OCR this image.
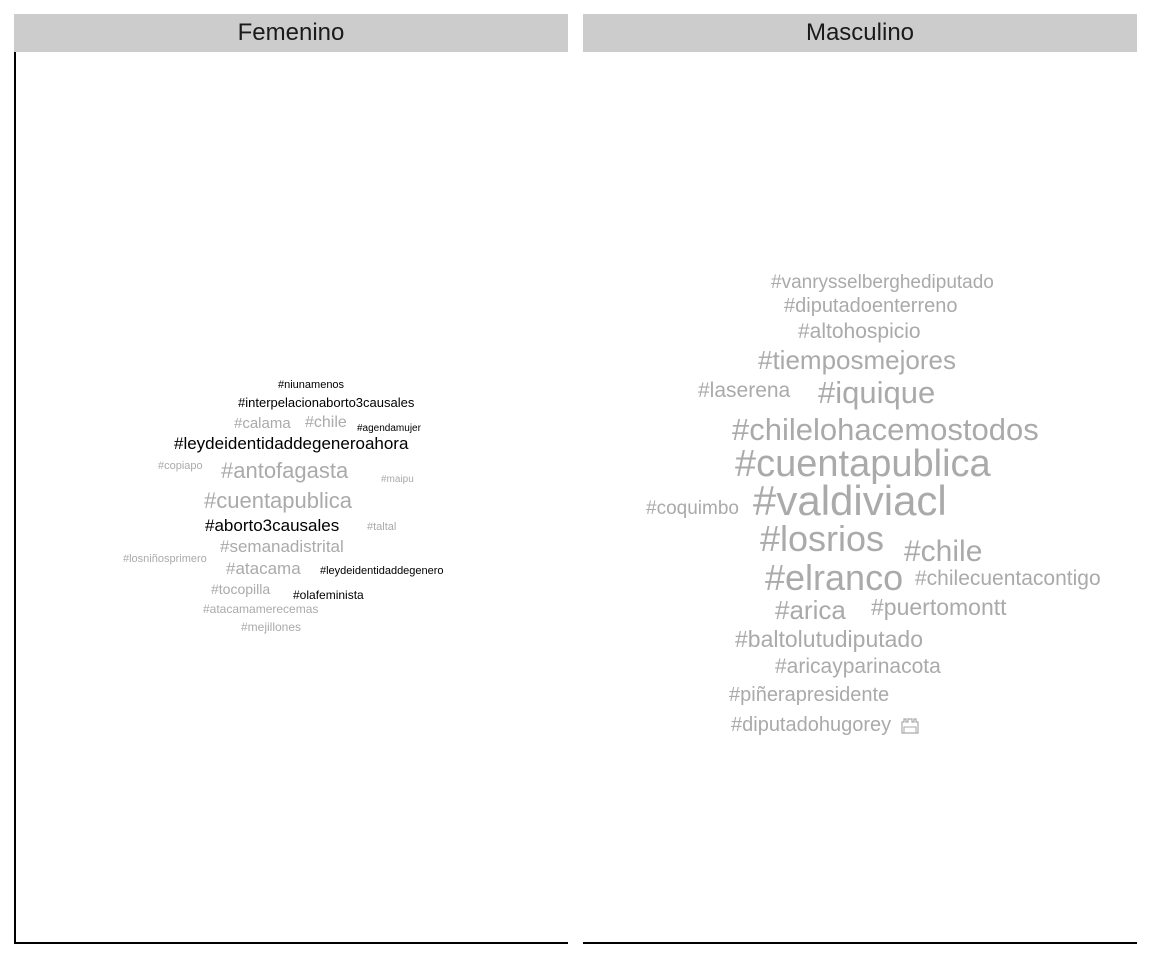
Femenino	Masculino
#niunamenos
#interpelacionaborto3causales
#calama #chile #agendamujer
#leydeidentidaddegeneroahora
#copiapo #antofagasta	#maipu
#cuentapublica
#aborto3causales	#taltal
#semanadistrital
#losniñosprimero #atacama #leydeidentidaddegenero
#tocopilla #olafeminista
#atacamamerecemas
#mejillones
#vanrysselberghediputado
#diputadoenterreno
#altohospicio
#tiemposmejores
#laserena #iquique
#chilelohacemostodos
#cuentapublica
#coquimbo #valdiviacl
#losrios #chile
#elranco #chilecuentacontigo
#arica #puertomontt
#baltolutudiputado
#aricayparinacota
#piñerapresidente
#diputadohugorey
